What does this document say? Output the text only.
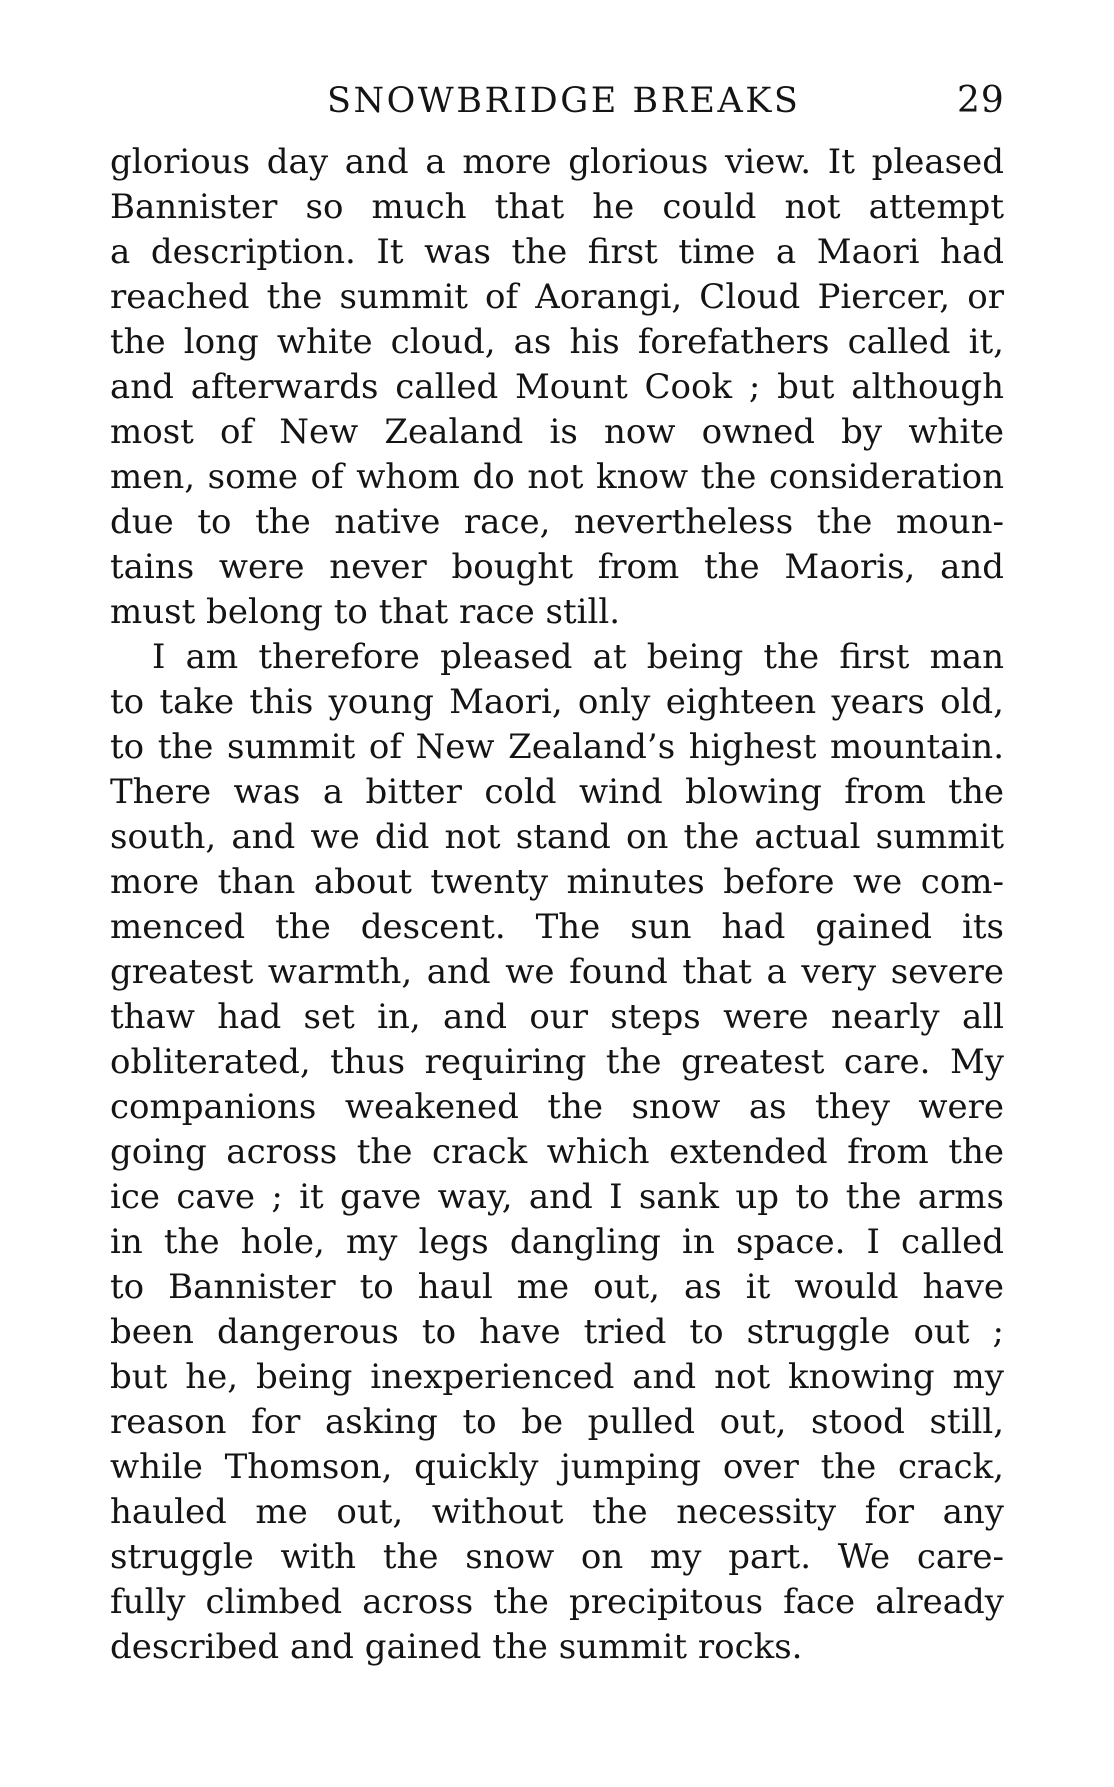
SNOWBRIDGE BREAKS	29
glorious day and a more glorious view. It pleased
Bannister so much that he could not attempt
a description. It was the first time a Maori had
reached the summit of Aorangi, Cloud Piercer, or
the long white cloud, as his forefathers called it,
and afterwards called Mount Cook ; but although
most of New Zealand is now owned by white
men, some of whom do not know the consideration
due to the native race, nevertheless the moun-
tains were never bought from the Maoris, and
must belong to that race still.
I am therefore pleased at being the first man
to take this young Maori, only eighteen years old,
to the summit of New Zealand’s highest mountain.
There was a bitter cold wind blowing from the
south, and we did not stand on the actual summit
more than about twenty minutes before we com-
menced the descent. The sun had gained its
greatest warmth, and we found that a very severe
thaw had set in, and our steps were nearly all
obliterated, thus requiring the greatest care. My
companions weakened the snow as they were
going across the crack which extended from the
ice cave ; it gave way, and I sank up to the arms
in the hole, my legs dangling in space. I called
to Bannister to haul me out, as it would have
been dangerous to have tried to struggle out ;
but he, being inexperienced and not knowing my
reason for asking to be pulled out, stood still,
while Thomson, quickly jumping over the crack,
hauled me out, without the necessity for any
struggle with the snow on my part. We care-
fully climbed across the precipitous face already
described and gained the summit rocks.
